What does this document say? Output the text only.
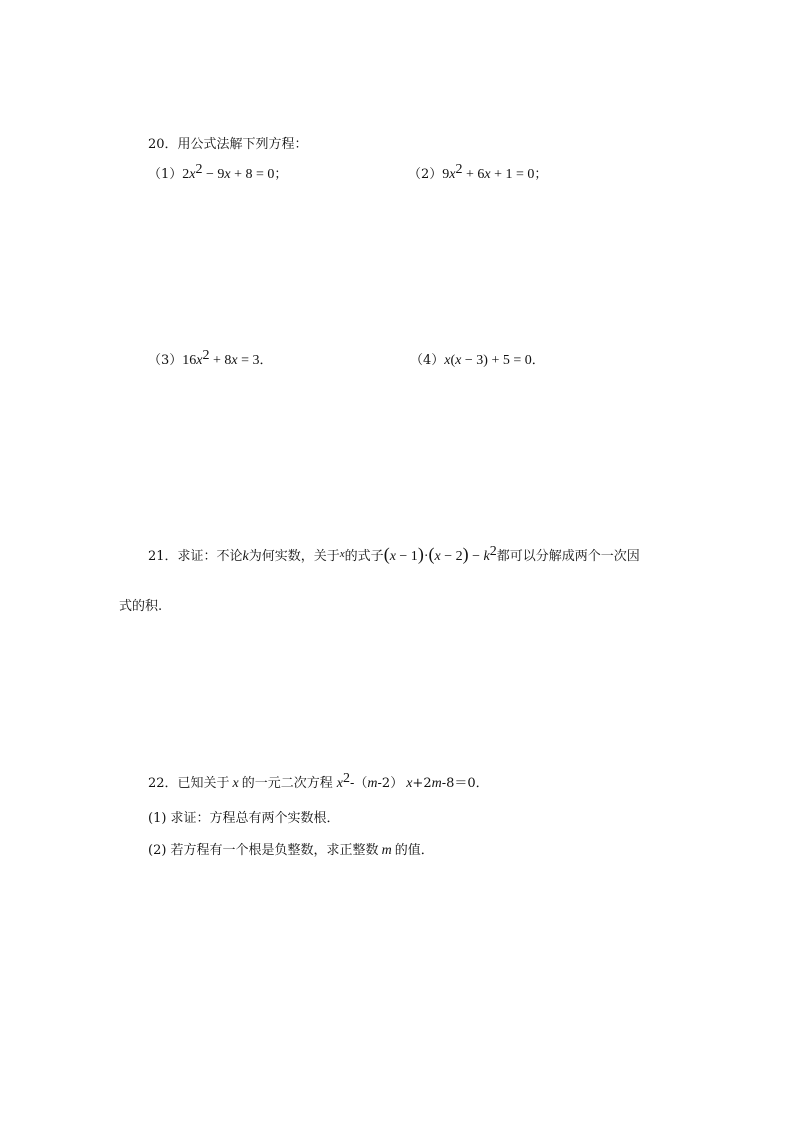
20．用公式法解下列方程：
$(1)2x^2 - 9x + 8 = 0$；	$(2)9x^2 + 6x + 1 = 0$；
$(3)16x^2 + 8x = 3$．	（4）x(x − 3) + 5 = 0．
21．求证：不论k为何实数，关于$^x$的式子$(x - 1)\cdot(x - 2) - k^2$都可以分解成两个一次因
式的积.
22．已知关于 x 的一元二次方程 $x^2-(m-2)$ x+2m-8＝0．
(1) 求证：方程总有两个实数根．
(2) 若方程有一个根是负整数，求正整数 m 的值．
